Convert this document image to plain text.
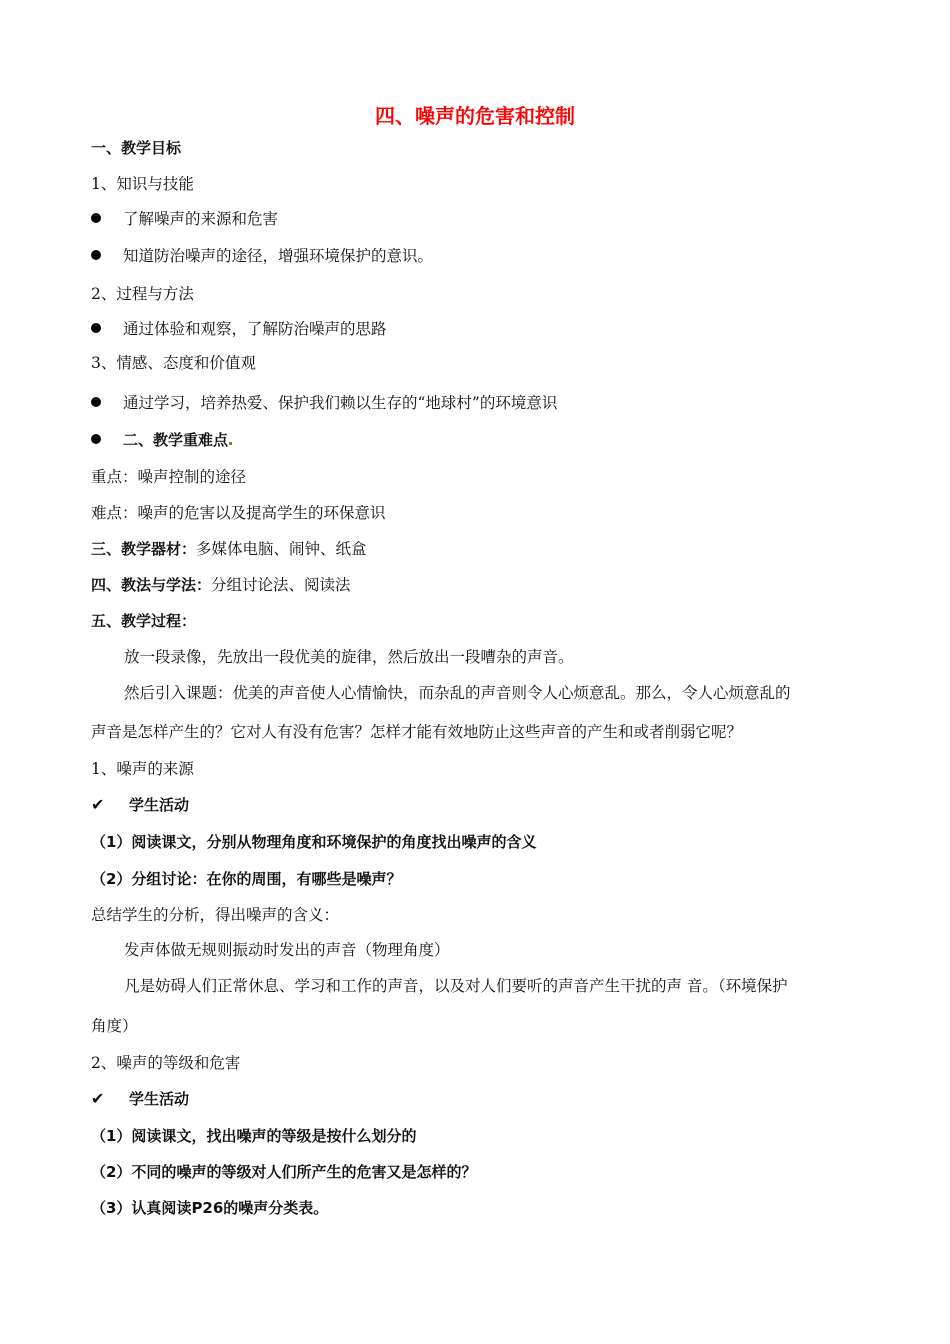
四、噪声的危害和控制
一、教学目标
1、知识与技能
了解噪声的来源和危害
知道防治噪声的途径，增强环境保护的意识。
2、过程与方法
通过体验和观察，了解防治噪声的思路
3、情感、态度和价值观
通过学习，培养热爱、保护我们赖以生存的“地球村”的环境意识
二、教学重难点
重点：噪声控制的途径
难点：噪声的危害以及提高学生的环保意识
三、教学器材：多媒体电脑、闹钟、纸盒
四、教法与学法：分组讨论法、阅读法
五、教学过程：
放一段录像，先放出一段优美的旋律，然后放出一段嘈杂的声音。
然后引入课题：优美的声音使人心情愉快，而杂乱的声音则令人心烦意乱。那么，令人心烦意乱的
声音是怎样产生的？它对人有没有危害？怎样才能有效地防止这些声音的产生和或者削弱它呢？
1、噪声的来源
✔ 学生活动
（1）阅读课文，分别从物理角度和环境保护的角度找出噪声的含义
（2）分组讨论：在你的周围，有哪些是噪声？
总结学生的分析，得出噪声的含义：
发声体做无规则振动时发出的声音（物理角度）
凡是妨碍人们正常休息、学习和工作的声音，以及对人们要听的声音产生干扰的声 音。（环境保护
角度）
2、噪声的等级和危害
✔ 学生活动
（1）阅读课文，找出噪声的等级是按什么划分的
（2）不同的噪声的等级对人们所产生的危害又是怎样的？
（3）认真阅读P26的噪声分类表。
